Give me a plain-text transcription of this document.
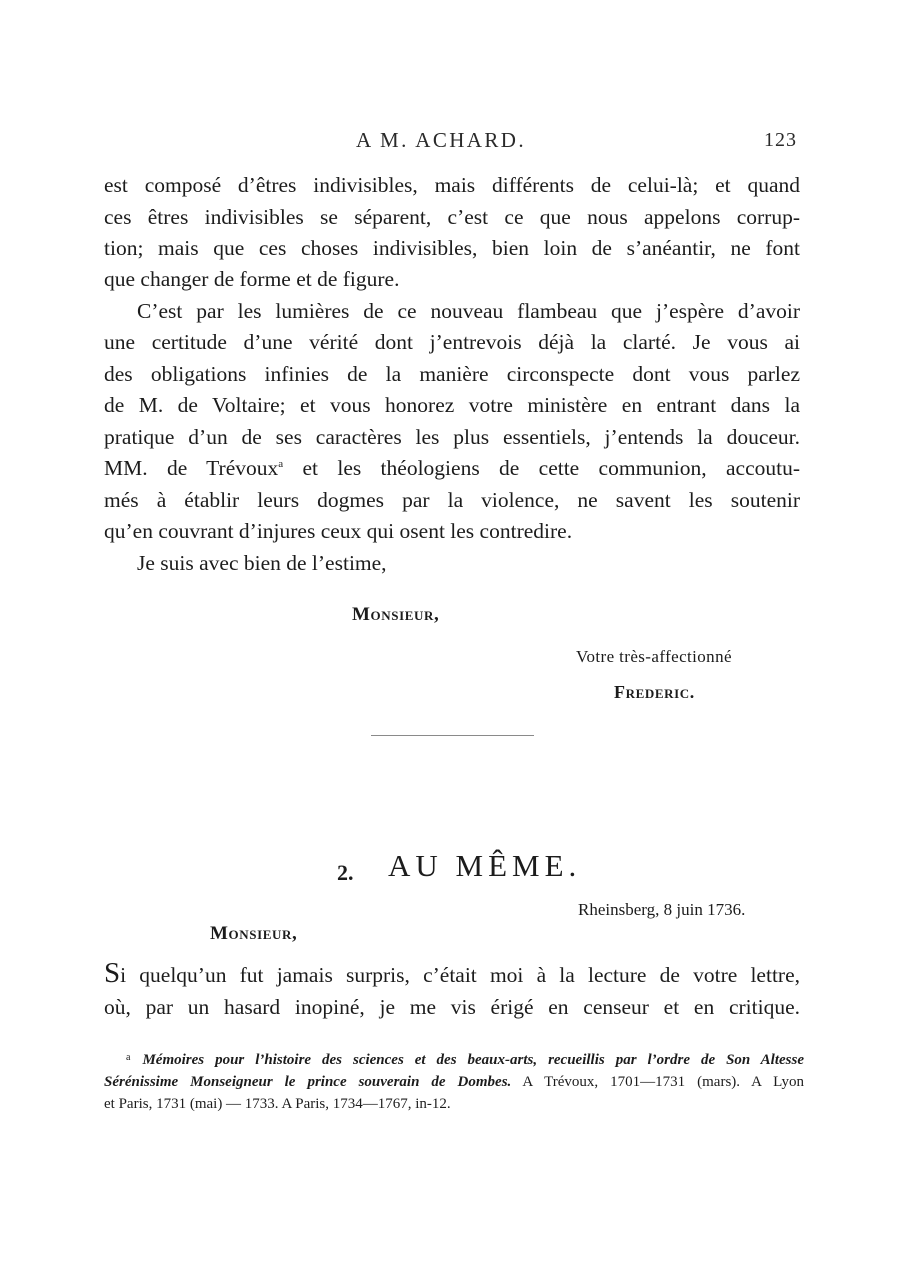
A M. ACHARD.	123
est composé d’êtres indivisibles, mais différents de celui-là; et quand
ces êtres indivisibles se séparent, c’est ce que nous appelons corrup-
tion; mais que ces choses indivisibles, bien loin de s’anéantir, ne font
que changer de forme et de figure.
C’est par les lumières de ce nouveau flambeau que j’espère d’avoir
une certitude d’une vérité dont j’entrevois déjà la clarté. Je vous ai
des obligations infinies de la manière circonspecte dont vous parlez
de M. de Voltaire; et vous honorez votre ministère en entrant dans la
pratique d’un de ses caractères les plus essentiels, j’entends la douceur.
MM. de Trévoux$^a$ et les théologiens de cette communion, accoutu-
més à établir leurs dogmes par la violence, ne savent les soutenir
qu’en couvrant d’injures ceux qui osent les contredire.
Je suis avec bien de l’estime,
Monsieur,
Votre très-affectionné
Frederic.
2. AU MÊME.
Rheinsberg, 8 juin 1736.
Monsieur,
Si quelqu’un fut jamais surpris, c’était moi à la lecture de votre lettre,
où, par un hasard inopiné, je me vis érigé en censeur et en critique.
$^a$ Mémoires pour l’histoire des sciences et des beaux-arts, recueillis par l’ordre de Son Altesse
Sérénissime Monseigneur le prince souverain de Dombes. A Trévoux, 1701—1731 (mars). A Lyon
et Paris, 1731 (mai) — 1733. A Paris, 1734—1767, in-12.
